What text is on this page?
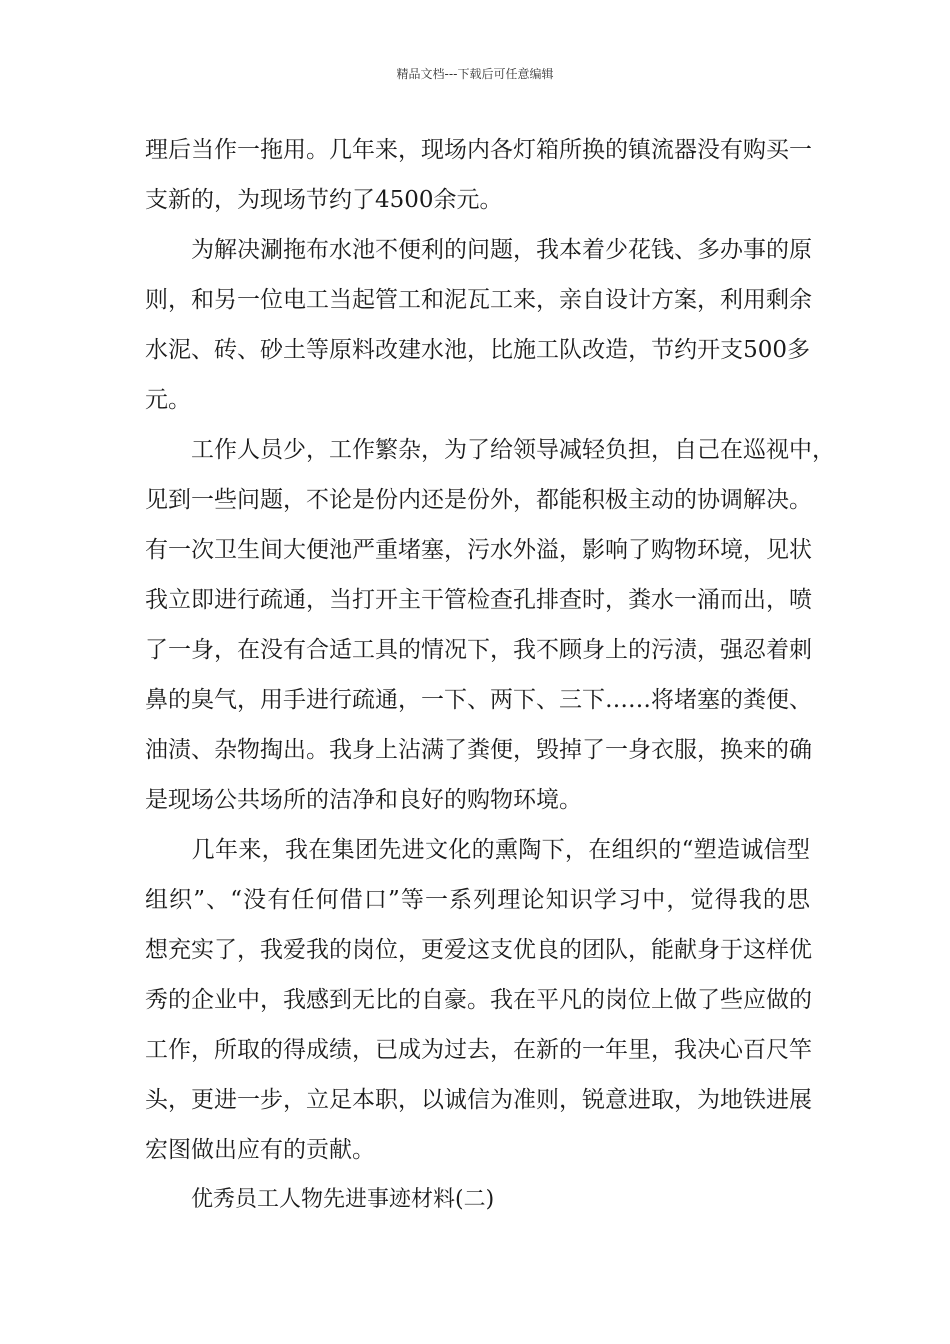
精品文档---下载后可任意编辑
理后当作一拖用。几年来，现场内各灯箱所换的镇流器没有购买一
支新的，为现场节约了4500余元。
　　为解决涮拖布水池不便利的问题，我本着少花钱、多办事的原
则，和另一位电工当起管工和泥瓦工来，亲自设计方案，利用剩余
水泥、砖、砂土等原料改建水池，比施工队改造，节约开支500多
元。
　　工作人员少，工作繁杂，为了给领导减轻负担，自己在巡视中，
见到一些问题，不论是份内还是份外，都能积极主动的协调解决。
有一次卫生间大便池严重堵塞，污水外溢，影响了购物环境，见状
我立即进行疏通，当打开主干管检查孔排查时，粪水一涌而出，喷
了一身，在没有合适工具的情况下，我不顾身上的污渍，强忍着刺
鼻的臭气，用手进行疏通，一下、两下、三下……将堵塞的粪便、
油渍、杂物掏出。我身上沾满了粪便，毁掉了一身衣服，换来的确
是现场公共场所的洁净和良好的购物环境。
　　几年来，我在集团先进文化的熏陶下，在组织的“塑造诚信型
组织”、“没有任何借口”等一系列理论知识学习中，觉得我的思
想充实了，我爱我的岗位，更爱这支优良的团队，能献身于这样优
秀的企业中，我感到无比的自豪。我在平凡的岗位上做了些应做的
工作，所取的得成绩，已成为过去，在新的一年里，我决心百尺竿
头，更进一步，立足本职，以诚信为准则，锐意进取，为地铁进展
宏图做出应有的贡献。
优秀员工人物先进事迹材料(二)
